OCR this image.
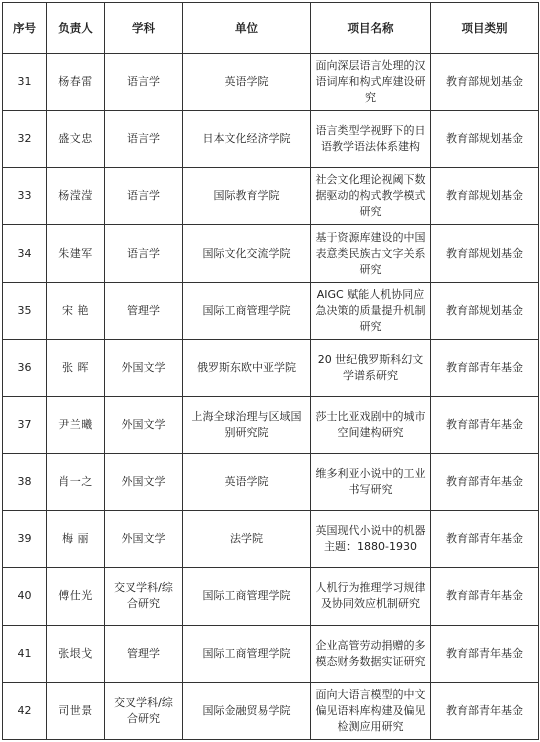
序号	负责人	学科	单位	项目名称	项目类别
31	杨春雷	语言学	英语学院	面向深层语言处理的汉语词库和构式库建设研究	教育部规划基金
32	盛文忠	语言学	日本文化经济学院	语言类型学视野下的日语教学语法体系建构	教育部规划基金
33	杨滢滢	语言学	国际教育学院	社会文化理论视阈下数据驱动的构式教学模式研究	教育部规划基金
34	朱建军	语言学	国际文化交流学院	基于资源库建设的中国表意类民族古文字关系研究	教育部规划基金
35	宋 艳	管理学	国际工商管理学院	AIGC 赋能人机协同应急决策的质量提升机制研究	教育部规划基金
36	张 晖	外国文学	俄罗斯东欧中亚学院	20 世纪俄罗斯科幻文学谱系研究	教育部青年基金
37	尹兰曦	外国文学	上海全球治理与区域国别研究院	莎士比亚戏剧中的城市空间建构研究	教育部青年基金
38	肖一之	外国文学	英语学院	维多利亚小说中的工业书写研究	教育部青年基金
39	梅 丽	外国文学	法学院	英国现代小说中的机器主题：1880-1930	教育部青年基金
40	傅仕光	交叉学科/综合研究	国际工商管理学院	人机行为推理学习规律及协同效应机制研究	教育部青年基金
41	张垠戈	管理学	国际工商管理学院	企业高管劳动捐赠的多模态财务数据实证研究	教育部青年基金
42	司世景	交叉学科/综合研究	国际金融贸易学院	面向大语言模型的中文偏见语料库构建及偏见检测应用研究	教育部青年基金
